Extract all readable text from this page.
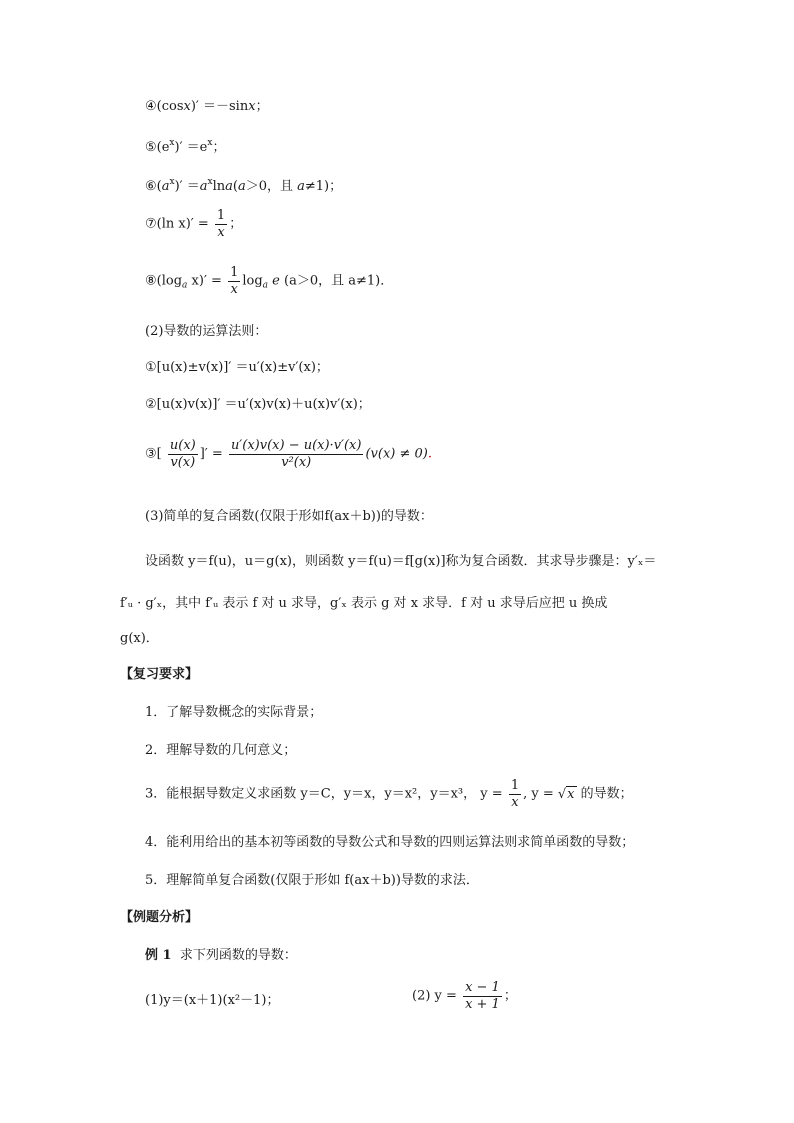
④(cosx)′ ＝－sinx；
$⑤(e^x)' =e^x$；
$⑥(a^x)' =a^x\ln a(a>0$，且 a≠1)；
⑦(ln $x)' = \frac{1}{x}$ ；
$⑧(\log_a$ $x)' = \frac{1}{x} \log_a e$ (a＞0，且 a≠1)．
(2)导数的运算法则：
①[u(x)±v(x)]′ ＝u′(x)±v′(x)；
②[u(x)v(x)]′ ＝u′(x)v(x)＋u(x)v′(x)；
③[ $\frac{u(x)}{v(x)}$ ]′ = $\frac{u'(x)v(x) - u(x)\cdot v'(x)}{\text{v²(x)}} (v(x) \ne 0)$.
(3)简单的复合函数(仅限于形如f(ax＋b))的导数：
设函数 y＝f(u)，u＝g(x)，则函数 y＝f(u)＝f[g(x)]称为复合函数．其求导步骤是：y′ₓ＝
f′ᵤ · g′ₓ，其中 f′ᵤ 表示 f 对 u 求导，g′ₓ 表示 g 对 x 求导．f 对 u 求导后应把 u 换成
g(x)．
【复习要求】
1．了解导数概念的实际背景；
2．理解导数的几何意义；
3．能根据导数定义求函数 y＝C，y＝x，y＝x²，y＝x³， $y = \frac{1}{x}$ , y = √x 的导数；
4．能利用给出的基本初等函数的导数公式和导数的四则运算法则求简单函数的导数；
5．理解简单复合函数(仅限于形如 f(ax＋b))导数的求法．
【例题分析】
例 1 求下列函数的导数：
(1)y＝(x＋1)(x²－1)；	(2) $y = \frac{x - 1}{x + 1}$ ；
